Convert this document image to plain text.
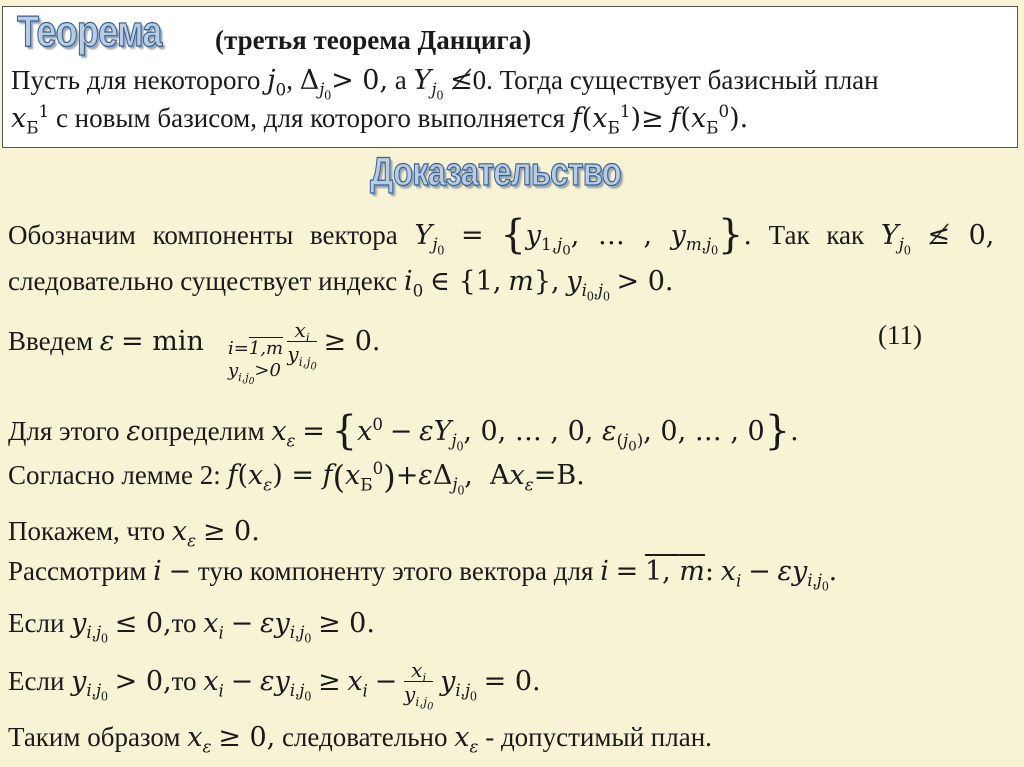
Теорема (третья теорема Данцига)
Пусть для некоторого $j_0$, $\Delta_{j_0}> 0$, а $Y_{j_0}$ ≰0. Тогда существует базисный план
$x_Б^1$ с новым базисом, для которого выполняется $f(x_Б^1)\ge f(x_Б^0)$.
Доказательство
Обозначим компоненты вектора $Y_{j_0} = \{y_{1,j_0}$, … , $y_{m,j_0}$}. Так как $Y_{j_0}$ ≰ 0,
следовательно существует индекс $i_0$ ∈ {1, m}, $y_{i_0,j_0} > 0$.
Введем ε = min	$\frac{x_i}{y_{i,j_0}} \ge 0$.
i=1,m
$y_{i,j_0}>0$
(11)
Для этого εопределим $x_\varepsilon = \{x^0 - \varepsilon Y_{j_0}$, 0, … , 0, $\varepsilon_{(j_0)}$, 0, … , 0}.
Согласно лемме 2: $f(x_\varepsilon) = f(x_Б^0)+\varepsilon\Delta_{j_0}$,  $Ax_\varepsilon=B$.
Покажем, что $x_\varepsilon \ge 0$.
Рассмотрим i − тую компоненту этого вектора для i = 1, m: $x_i - \varepsilon y_{i,j_0}$.
Если $y_{i,j_0} \le 0,то$ $x_i - \varepsilon y_{i,j_0} \ge 0$.
Если $y_{i,j_0} > 0,то$ $x_i - \varepsilon y_{i,j_0} \ge x_i - \frac{x_i}{y_{i,j_0}} y_{i,j_0} = 0$.
Таким образом $x_\varepsilon \ge 0$, следовательно $x_\varepsilon$ - допустимый план.
